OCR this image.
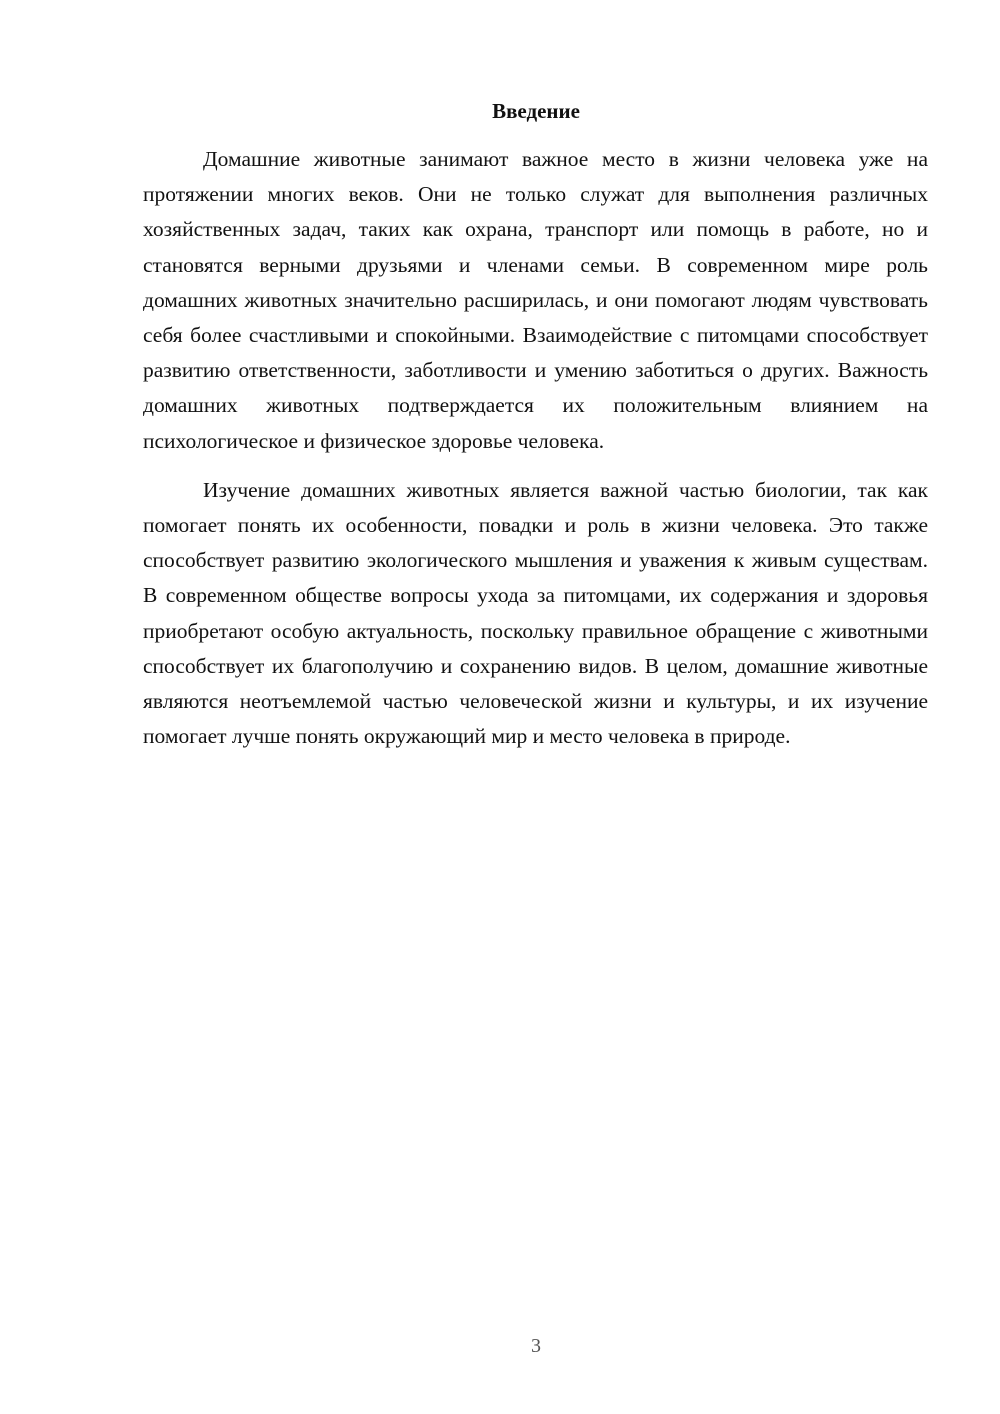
Введение

Домашние животные занимают важное место в жизни человека уже на протяжении многих веков. Они не только служат для выполнения различных хозяйственных задач, таких как охрана, транспорт или помощь в работе, но и становятся верными друзьями и членами семьи. В современном мире роль домашних животных значительно расширилась, и они помогают людям чувствовать себя более счастливыми и спокойными. Взаимодействие с питомцами способствует развитию ответственности, заботливости и умению заботиться о других. Важность домашних животных подтверждается их положительным влиянием на психологическое и физическое здоровье человека.

Изучение домашних животных является важной частью биологии, так как помогает понять их особенности, повадки и роль в жизни человека. Это также способствует развитию экологического мышления и уважения к живым существам. В современном обществе вопросы ухода за питомцами, их содержания и здоровья приобретают особую актуальность, поскольку правильное обращение с животными способствует их благополучию и сохранению видов. В целом, домашние животные являются неотъемлемой частью человеческой жизни и культуры, и их изучение помогает лучше понять окружающий мир и место человека в природе.

3
